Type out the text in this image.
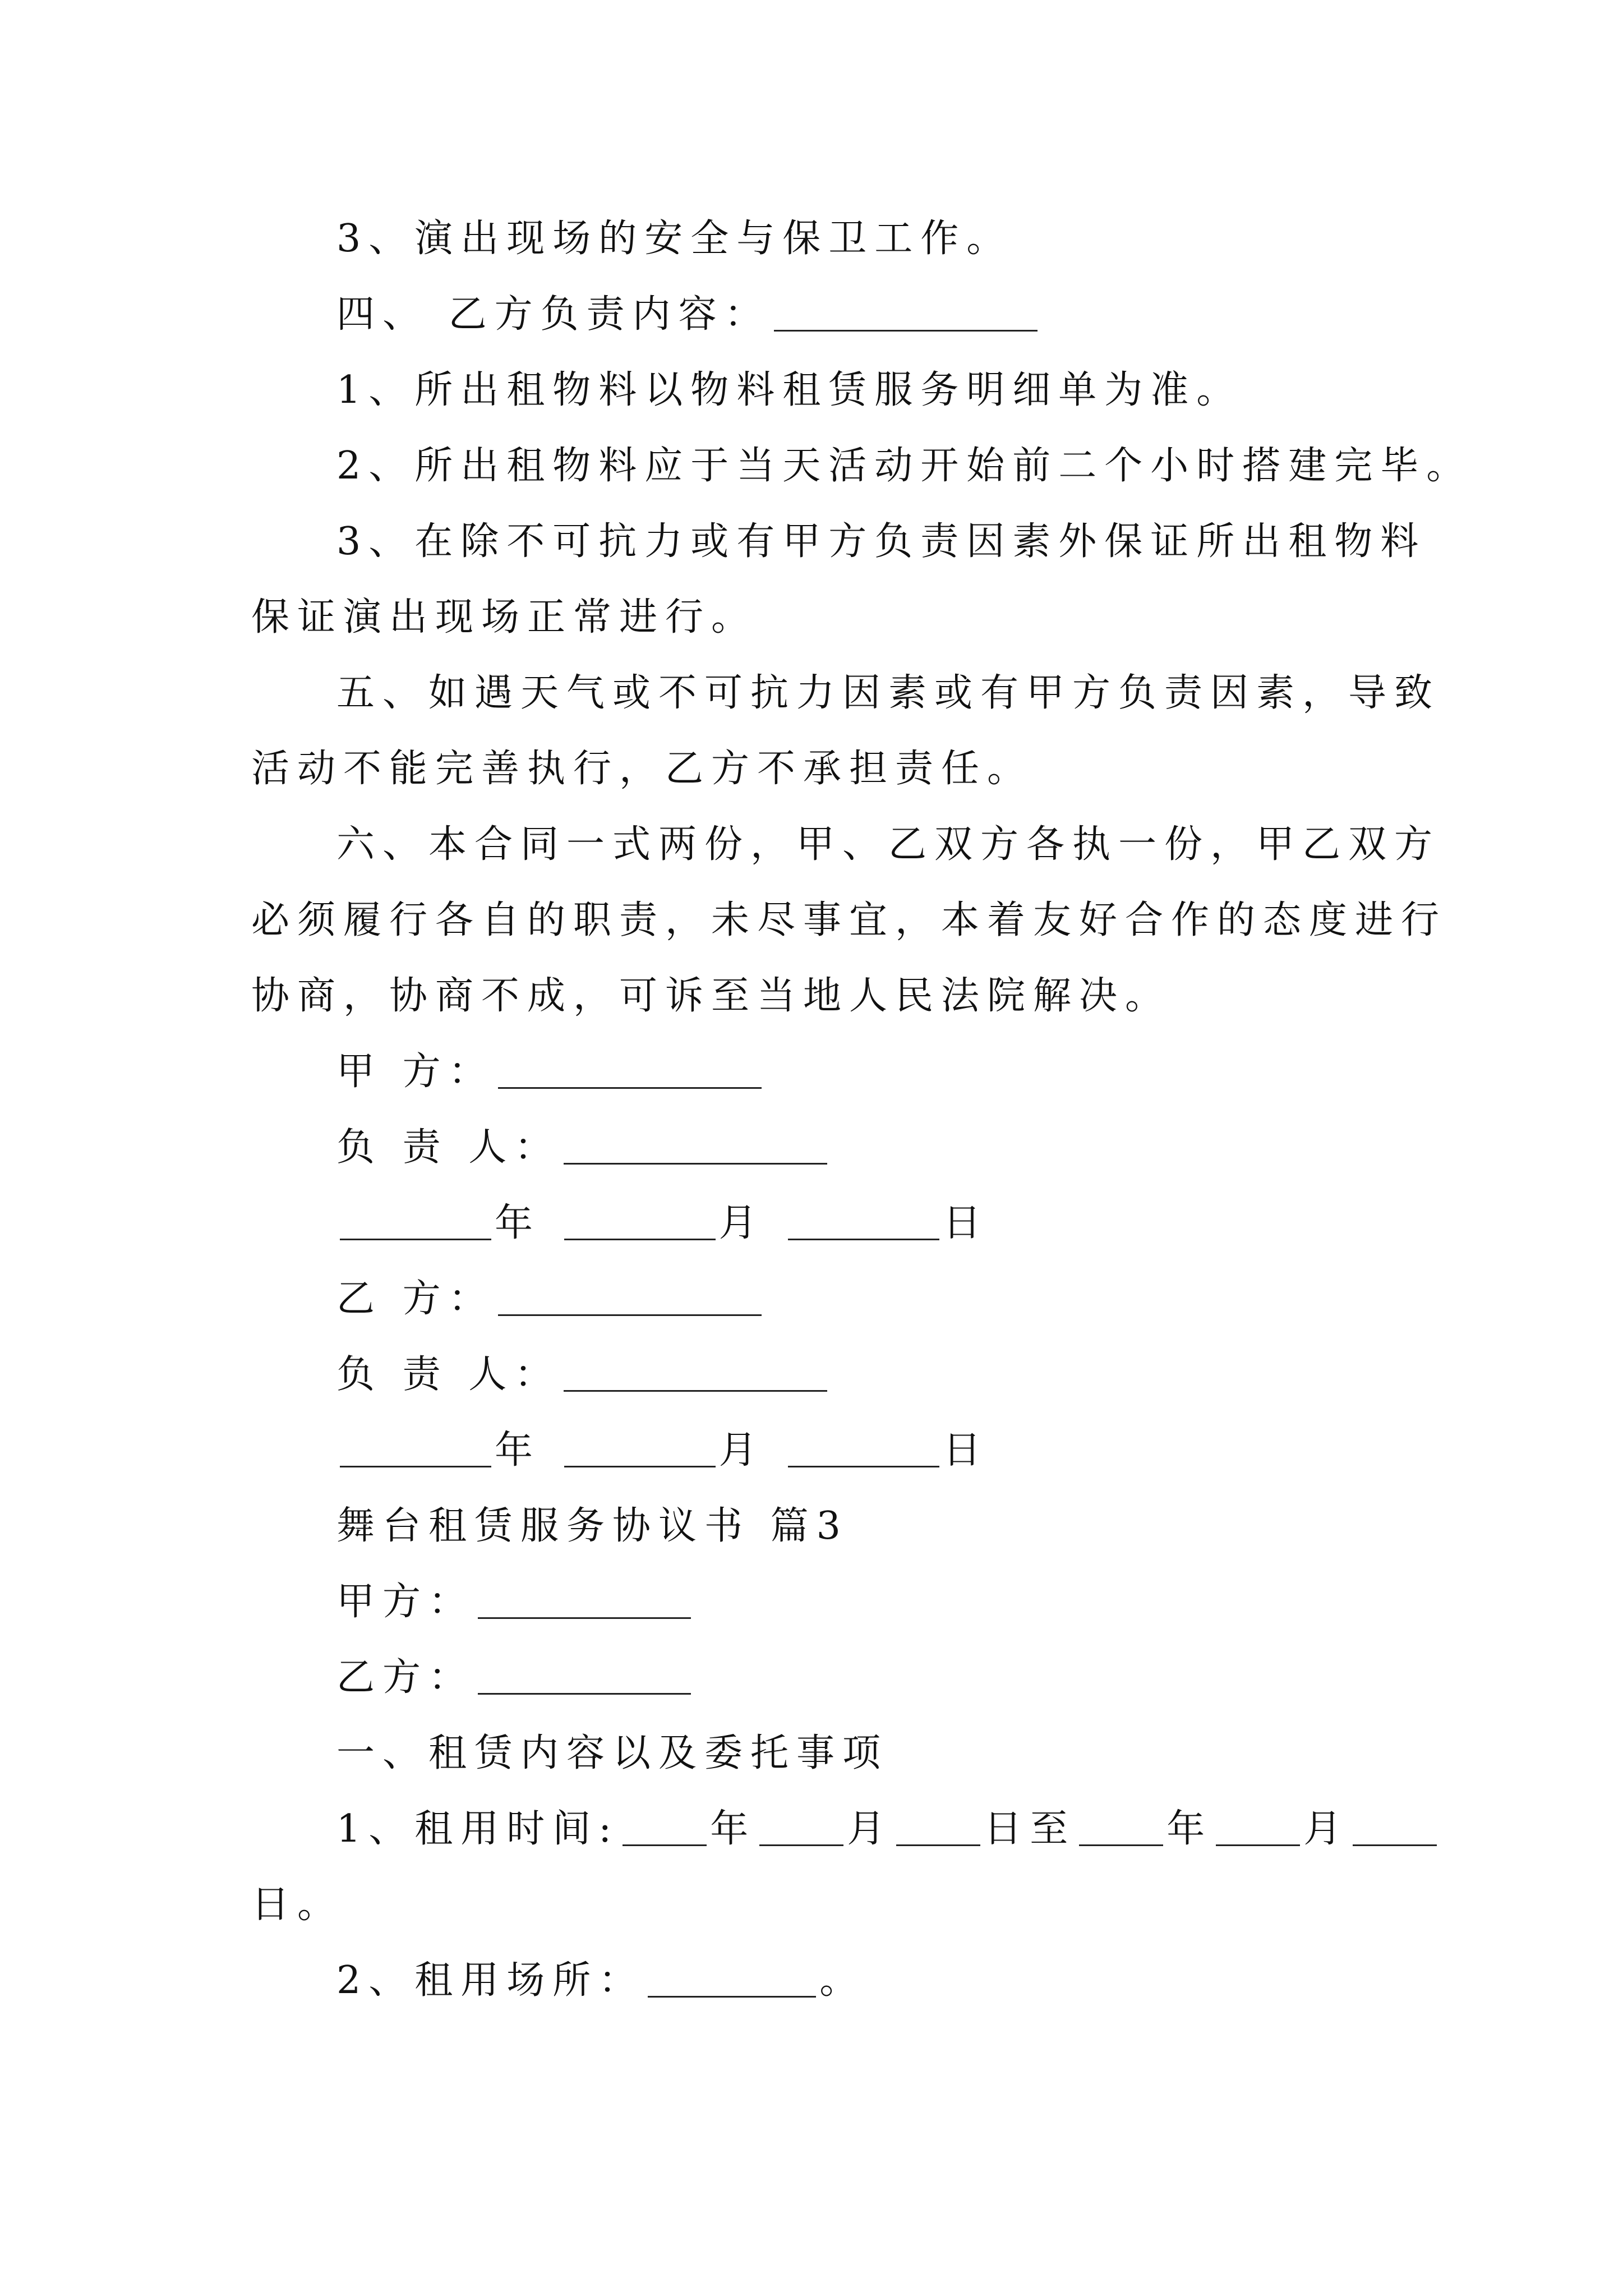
3、演出现场的安全与保卫工作。
四、 乙方负责内容：
1、所出租物料以物料租赁服务明细单为准。
2、所出租物料应于当天活动开始前二个小时搭建完毕。
3、在除不可抗力或有甲方负责因素外保证所出租物料
保证演出现场正常进行。
五、如遇天气或不可抗力因素或有甲方负责因素，导致
活动不能完善执行，乙方不承担责任。
六、本合同一式两份，甲、乙双方各执一份，甲乙双方
必须履行各自的职责，未尽事宜，本着友好合作的态度进行
协商，协商不成，可诉至当地人民法院解决。
甲 方：
负 责 人：
年	月	日
乙 方：
负 责 人：
年	月	日
舞台租赁服务协议书 篇3
甲方：
乙方：
一、租赁内容以及委托事项
1、租用时间: 年 月 日至 年 月
日。
2、租用场所：	。
